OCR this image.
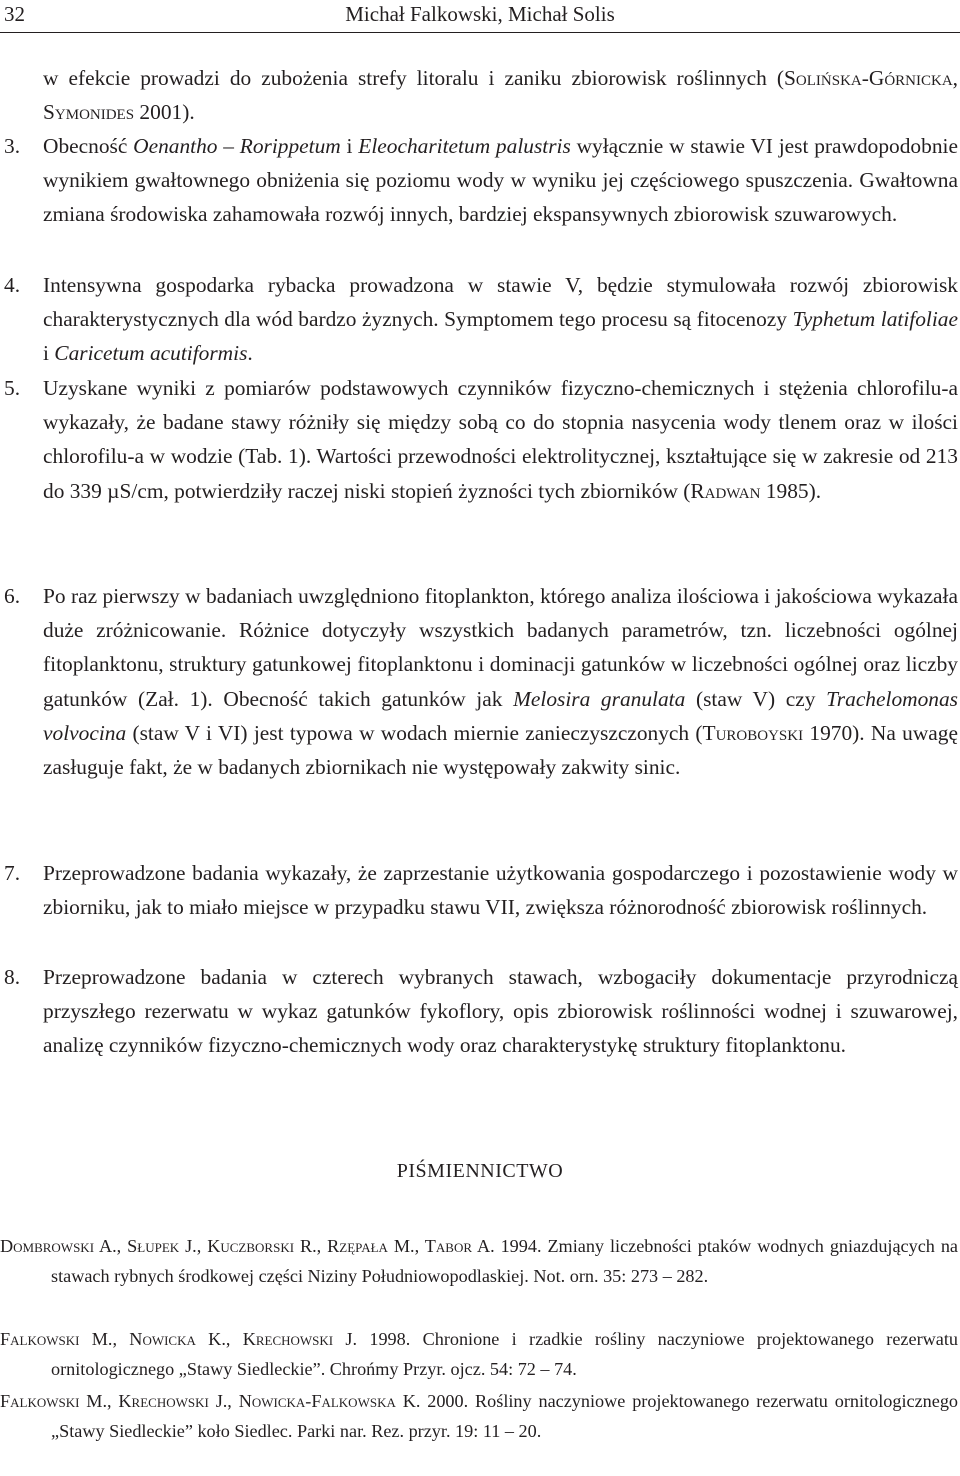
32	Michał Falkowski, Michał Solis
w efekcie prowadzi do zubożenia strefy litoralu i zaniku zbiorowisk roślinnych (Solińska-Górnicka, Symonides 2001).
3. Obecność Oenantho – Rorippetum i Eleocharitetum palustris wyłącznie w stawie VI jest prawdopodobnie wynikiem gwałtownego obniżenia się poziomu wody w wyniku jej częściowego spuszczenia. Gwałtowna zmiana środowiska zahamowała rozwój innych, bardziej ekspansywnych zbiorowisk szuwarowych.
4. Intensywna gospodarka rybacka prowadzona w stawie V, będzie stymulowała rozwój zbiorowisk charakterystycznych dla wód bardzo żyznych. Symptomem tego procesu są fitocenozy Typhetum latifoliae i Caricetum acutiformis.
5. Uzyskane wyniki z pomiarów podstawowych czynników fizyczno-chemicznych i stężenia chlorofilu-a wykazały, że badane stawy różniły się między sobą co do stopnia nasycenia wody tlenem oraz w ilości chlorofilu-a w wodzie (Tab. 1). Wartości przewodności elektrolitycznej, kształtujące się w zakresie od 213 do 339 µS/cm, potwierdziły raczej niski stopień żyzności tych zbiorników (Radwan 1985).
6. Po raz pierwszy w badaniach uwzględniono fitoplankton, którego analiza ilościowa i jakościowa wykazała duże zróżnicowanie. Różnice dotyczyły wszystkich badanych parametrów, tzn. liczebności ogólnej fitoplanktonu, struktury gatunkowej fitoplanktonu i dominacji gatunków w liczebności ogólnej oraz liczby gatunków (Zał. 1). Obecność takich gatunków jak Melosira granulata (staw V) czy Trachelomonas volvocina (staw V i VI) jest typowa w wodach miernie zanieczyszczonych (Turoboyski 1970). Na uwagę zasługuje fakt, że w badanych zbiornikach nie występowały zakwity sinic.
7. Przeprowadzone badania wykazały, że zaprzestanie użytkowania gospodarczego i pozostawienie wody w zbiorniku, jak to miało miejsce w przypadku stawu VII, zwiększa różnorodność zbiorowisk roślinnych.
8. Przeprowadzone badania w czterech wybranych stawach, wzbogaciły dokumentacje przyrodniczą przyszłego rezerwatu w wykaz gatunków fykoflory, opis zbiorowisk roślinności wodnej i szuwarowej, analizę czynników fizyczno-chemicznych wody oraz charakterystykę struktury fitoplanktonu.
PIŚMIENNICTWO

Dombrowski A., Słupek J., Kuczborski R., Rzępała M., Tabor A. 1994. Zmiany liczebności ptaków wodnych gniazdujących na stawach rybnych środkowej części Niziny Południowopodlaskiej. Not. orn. 35: 273 – 282.

Falkowski M., Nowicka K., Krechowski J. 1998. Chronione i rzadkie rośliny naczyniowe projektowanego rezerwatu ornitologicznego „Stawy Siedleckie”. Chrońmy Przyr. ojcz. 54: 72 – 74.

Falkowski M., Krechowski J., Nowicka-Falkowska K. 2000. Rośliny naczyniowe projektowanego rezerwatu ornitologicznego „Stawy Siedleckie” koło Siedlec. Parki nar. Rez. przyr. 19: 11 – 20.
